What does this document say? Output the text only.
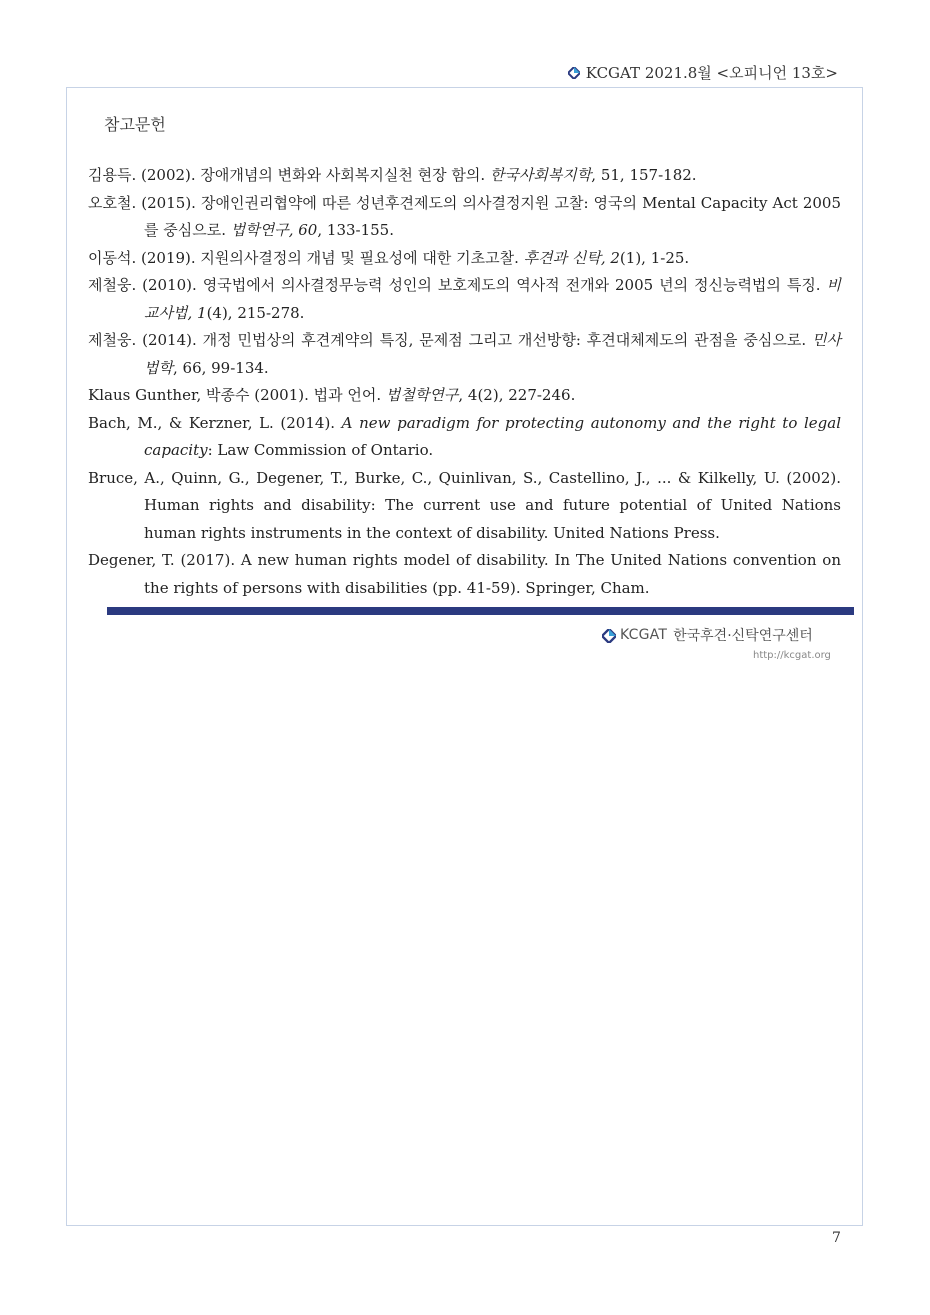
KCGAT 2021.8월 <오피니언 13호>
참고문헌
김용득. (2002). 장애개념의 변화와 사회복지실천 현장 함의. 한국사회복지학, 51, 157-182.
오호철. (2015). 장애인권리협약에 따른 성년후견제도의 의사결정지원 고찰: 영국의 Mental Capacity Act 2005를 중심으로. 법학연구, 60, 133-155.
이동석. (2019). 지원의사결정의 개념 및 필요성에 대한 기초고찰. 후견과 신탁, 2(1), 1-25.
제철웅. (2010). 영국법에서 의사결정무능력 성인의 보호제도의 역사적 전개와 2005 년의 정신능력법의 특징. 비교사법, 1(4), 215-278.
제철웅. (2014). 개정 민법상의 후견계약의 특징, 문제점 그리고 개선방향: 후견대체제도의 관점을 중심으로. 민사법학, 66, 99-134.
Klaus Gunther, 박종수 (2001). 법과 언어. 법철학연구, 4(2), 227-246.
Bach, M., & Kerzner, L. (2014). A new paradigm for protecting autonomy and the right to legal capacity: Law Commission of Ontario.
Bruce, A., Quinn, G., Degener, T., Burke, C., Quinlivan, S., Castellino, J., ... & Kilkelly, U. (2002). Human rights and disability: The current use and future potential of United Nations human rights instruments in the context of disability. United Nations Press.
Degener, T. (2017). A new human rights model of disability. In The United Nations convention on the rights of persons with disabilities (pp. 41-59). Springer, Cham.
KCGAT 한국후견·신탁연구센터
http://kcgat.org
7
